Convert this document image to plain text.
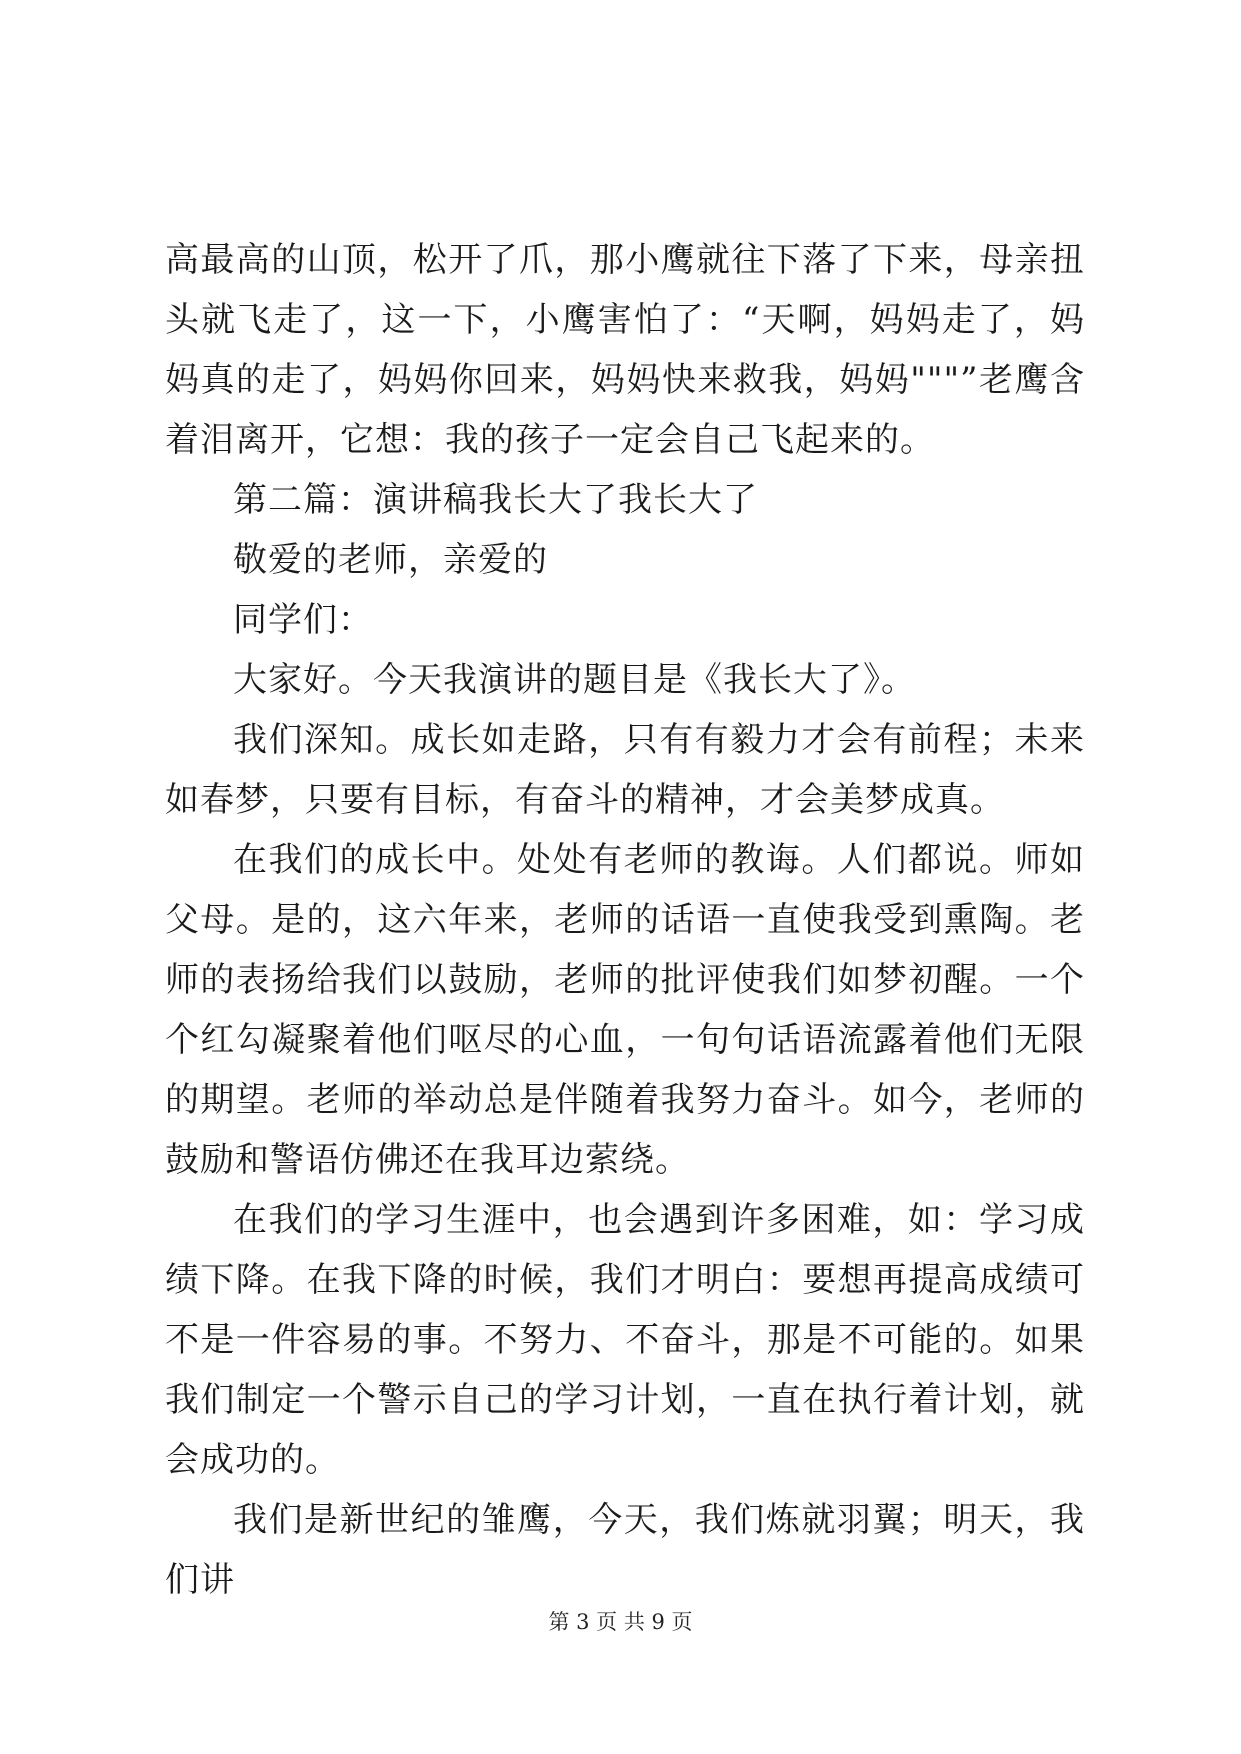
高最高的山顶，松开了爪，那小鹰就往下落了下来，母亲扭头就飞走了，这一下，小鹰害怕了：“天啊，妈妈走了，妈妈真的走了，妈妈你回来，妈妈快来救我，妈妈"""”老鹰含着泪离开，它想：我的孩子一定会自己飞起来的。

第二篇：演讲稿我长大了我长大了

敬爱的老师，亲爱的

同学们：

大家好。今天我演讲的题目是《我长大了》。

我们深知。成长如走路，只有有毅力才会有前程；未来如春梦，只要有目标，有奋斗的精神，才会美梦成真。

在我们的成长中。处处有老师的教诲。人们都说。师如父母。是的，这六年来，老师的话语一直使我受到熏陶。老师的表扬给我们以鼓励，老师的批评使我们如梦初醒。一个个红勾凝聚着他们呕尽的心血，一句句话语流露着他们无限的期望。老师的举动总是伴随着我努力奋斗。如今，老师的鼓励和警语仿佛还在我耳边萦绕。

在我们的学习生涯中，也会遇到许多困难，如：学习成绩下降。在我下降的时候，我们才明白：要想再提高成绩可不是一件容易的事。不努力、不奋斗，那是不可能的。如果我们制定一个警示自己的学习计划，一直在执行着计划，就会成功的。

我们是新世纪的雏鹰，今天，我们炼就羽翼；明天，我们讲

第 3 页 共 9 页
